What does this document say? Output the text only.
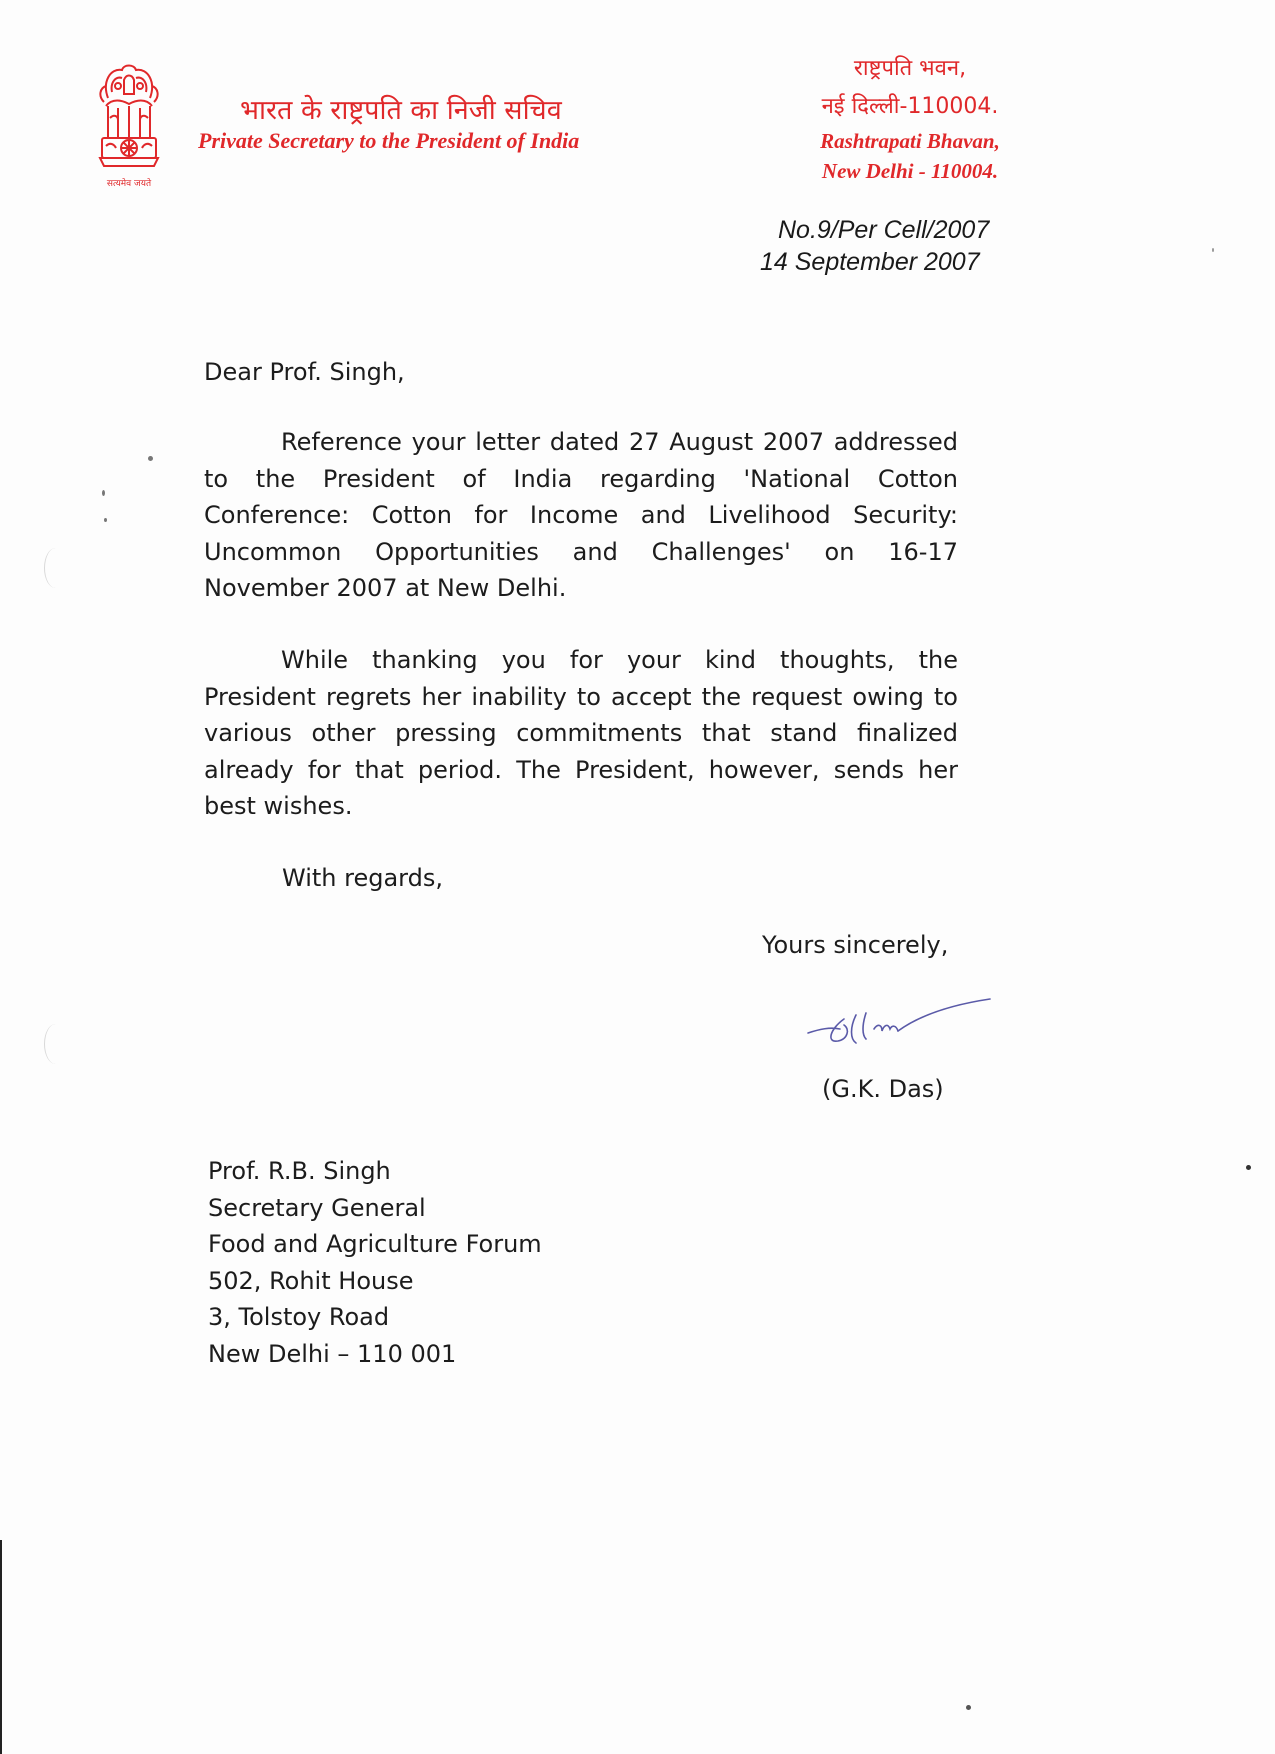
सत्यमेव जयते
भारत के राष्ट्रपति का निजी सचिव
Private Secretary to the President of India
राष्ट्रपति भवन,
नई दिल्ली-110004.
Rashtrapati Bhavan,
New Delhi - 110004.
No.9/Per Cell/2007
14 September 2007
Dear Prof. Singh,
Reference your letter dated 27 August 2007 addressed to the President of India regarding 'National Cotton Conference: Cotton for Income and Livelihood Security: Uncommon Opportunities and Challenges' on 16-17 November 2007 at New Delhi.
While thanking you for your kind thoughts, the President regrets her inability to accept the request owing to various other pressing commitments that stand finalized already for that period. The President, however, sends her best wishes.
With regards,
Yours sincerely,
(G.K. Das)
Prof. R.B. Singh
Secretary General
Food and Agriculture Forum
502, Rohit House
3, Tolstoy Road
New Delhi – 110 001
